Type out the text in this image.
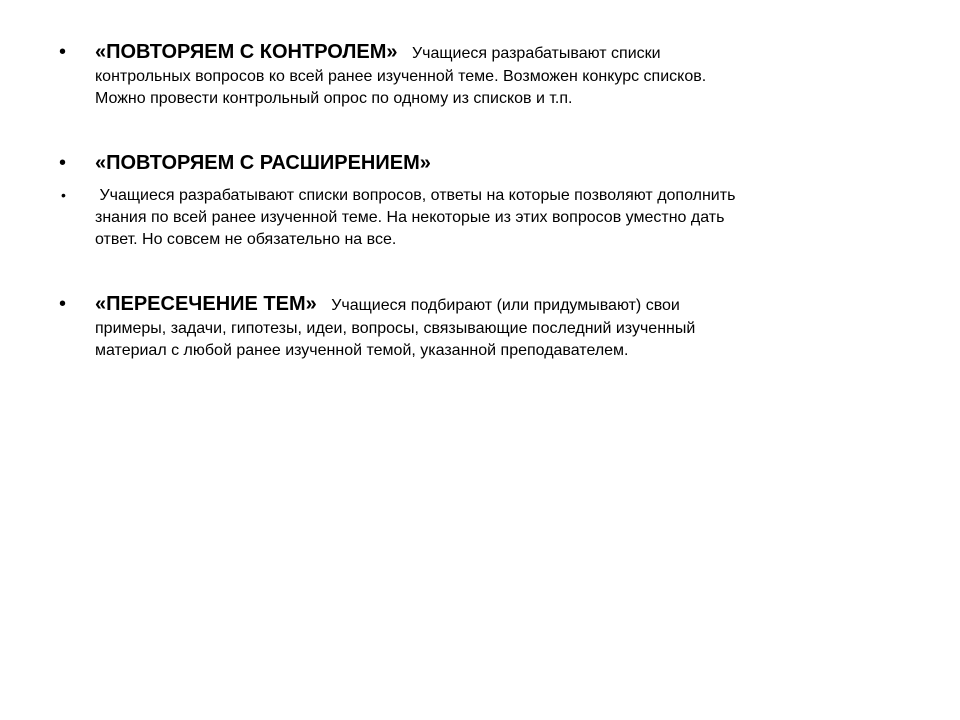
• «ПОВТОРЯЕМ С КОНТРОЛЕМ» Учащиеся разрабатывают списки
контрольных вопросов ко всей ранее изученной теме. Возможен конкурс списков.
Можно провести контрольный опрос по одному из списков и т.п.
• «ПОВТОРЯЕМ С РАСШИРЕНИЕМ»
• Учащиеся разрабатывают списки вопросов, ответы на которые позволяют дополнить
знания по всей ранее изученной теме. На некоторые из этих вопросов уместно дать
ответ. Но совсем не обязательно на все.
• «ПЕРЕСЕЧЕНИЕ ТЕМ» Учащиеся подбирают (или придумывают) свои
примеры, задачи, гипотезы, идеи, вопросы, связывающие последний изученный
материал с любой ранее изученной темой, указанной преподавателем.
